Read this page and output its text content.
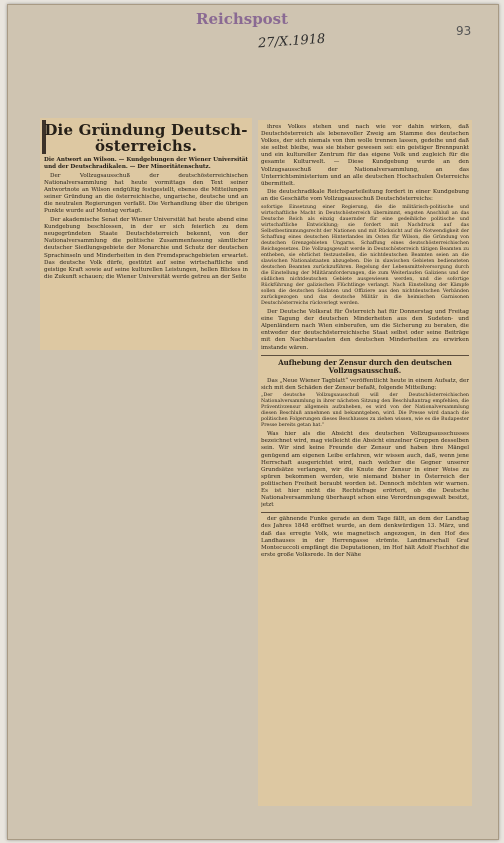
Reichspost
27/X.1918
93
Die Gründung Deutsch-österreichs.
Die Antwort an Wilson. — Kundgebungen der Wiener Universität und der Deutschradikalen. — Der Minoritätenschutz.
Der Vollzugsausschuß der deutschösterreichischen Nationalversammlung hat heute vormittags den Text seiner Antwortnote an Wilson endgültig festgestellt, ebenso die Mitteilungen seiner Gründung an die österreichische, ungarische, deutsche und an die neutralen Regierungen verfaßt. Die Verhandlung über die übrigen Punkte wurde auf Montag vertagt.
Der akademische Senat der Wiener Universität hat heute abend eine Kundgebung beschlossen, in der er sich feierlich zu dem neugegründeten Staate Deutschösterreich bekennt, von der Nationalversammlung die politische Zusammenfassung sämtlicher deutscher Siedlungsgebiete der Monarchie und Schutz der deutschen Sprachinseln und Minderheiten in den Fremdsprachgebieten erwartet. Das deutsche Volk dürfe, gestützt auf seine wirtschaftliche und geistige Kraft sowie auf seine kulturellen Leistungen, hellen Blickes in die Zukunft schauen; die Wiener Universität werde getreu an der Seite
ihres Volkes stehen und nach wie vor dahin wirken, daß Deutschösterreich als lebensvoller Zweig am Stamme des deutschen Volkes, der sich niemals von ihm wolle trennen lassen, gedeihe und daß sie selbst bleibe, was sie bisher gewesen sei: ein geistiger Brennpunkt und ein kultureller Zentrum für das eigene Volk und zugleich für die gesamte Kulturwelt. — Diese Kundgebung wurde an den Vollzugsausschuß der Nationalversammlung, an das Unterrichtsministerium und an alle deutschen Hochschulen Österreichs übermittelt.
Die deutschradikale Reichsparteileitung fordert in einer Kundgebung an die Geschäfte vom Vollzugsausschuß Deutschösterreichs:
sofortige Einsetzung einer Regierung, die die militärisch-politische und wirtschaftliche Macht in Deutschösterreich übernimmt, engsten Anschluß an das Deutsche Reich als einzig dauernder für eine gedeihliche politische und wirtschaftliche Entwicklung; sie fordert mit Nachdruck auf das Selbstbestimmungsrecht der Nationen und mit Rücksicht auf die Notwendigkeit der Schaffung eines deutschen Hinterlandes im Osten für Wilson, die Gründung von deutschen Grenzgebieten Ungarns. Schaffung eines deutschösterreichischen Reichsgesetzes. Die Vollzugsgewalt werde in Deutschösterreich tätigen Beamten zu entheben, sie ehrlichst festzustellen, die nichtdeutschen Beamten seien an die slawischen Nationalstaaten abzugeben. Die in slawischen Gebieten bediensteten deutschen Beamten zurückzuführen. Regelung der Lebensmittelversorgung durch die Einstellung der Militäranforderungen, die zum Weiterlaufen Galiziens und der südlichen nichtdeutschen Gebiete ausgewiesen werden, und die sofortige Rückführung der galizischen Flüchtlinge verlangt. Nach Einstellung der Kämpfe sollen die deutschen Soldaten und Offiziere aus den nichtdeutschen Verbänden zurückgezogen und das deutsche Militär in die heimischen Garnisonen Deutschösterreichs rückverlegt werden.
Der Deutsche Volksrat für Österreich hat für Donnerstag und Freitag eine Tagung der deutschen Minderheiten aus den Sudeten- und Alpenländern nach Wien einberufen, um die Sicherung zu beraten, die entweder der deutschösterreichische Staat selbst oder seine Beiträge mit den Nachbarstaaten den deutschen Minderheiten zu erwirken imstande wären.
Aufhebung der Zensur durch den deutschen Vollzugsausschuß.
Das „Neue Wiener Tagblatt“ veröffentlicht heute in einem Aufsatz, der sich mit den Schäden der Zensur befaßt, folgende Mitteilung:
„Der deutsche Vollzugsausschuß will der Deutschösterreichischen Nationalversammlung in ihrer nächsten Sitzung den Beschlußantrag empfehlen, die Präventivzensur allgemein aufzuheben, es wird von der Nationalversammlung diesen Beschluß annehmen und bekanntgeben, wird. Die Presse wird danach die politischen Folgerungen dieses Beschlusses zu ziehen wissen, wie es die Budapester Presse bereits getan hat.“
Was hier als die Absicht des deutschen Vollzugsausschusses bezeichnet wird, mag vielleicht die Absicht einzelner Gruppen desselben sein. Wir sind keine Freunde der Zensur und haben ihre Mängel genügend am eigenen Leibe erfahren, wir wissen auch, daß, wenn jene Herrschaft ausgerichtet wird, nach welcher die Gegner unserer Grundsätze verlangen, wir die Knute der Zensur in einer Weise zu spüren bekommen werden, wie niemand bisher in Österreich der politischen Freiheit beraubt worden ist. Dennoch möchten wir warnen. Es ist hier nicht die Rechtsfrage erörtert, ob die Deutsche Nationalversammlung überhaupt schon eine Verordnungsgewalt besitzt, jetzt
der gähnende Funke gerade an dem Tage fällt, an dem der Landtag des Jahres 1848 eröffnet wurde, an dem denkwürdigen 13. März, und daß das erregte Volk, wie magnetisch angezogen, in den Hof des Landhauses in der Herrengasse strömte. Landmarschall Graf Montecuccoli empfängt die Deputationen, im Hof hält Adolf Fischhof die erste große Volksrede. In der Nähe
